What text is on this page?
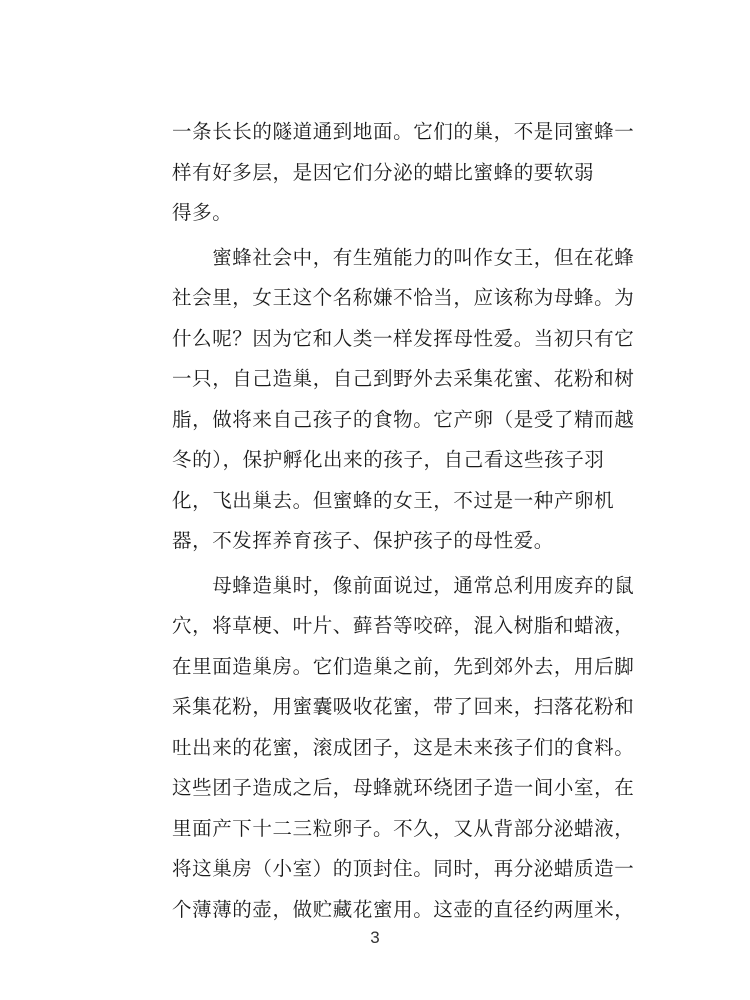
一条长长的隧道通到地面。它们的巢，不是同蜜蜂一
样有好多层，是因它们分泌的蜡比蜜蜂的要软弱
得多。
　　蜜蜂社会中，有生殖能力的叫作女王，但在花蜂
社会里，女王这个名称嫌不恰当，应该称为母蜂。为
什么呢？因为它和人类一样发挥母性爱。当初只有它
一只，自己造巢，自己到野外去采集花蜜、花粉和树
脂，做将来自己孩子的食物。它产卵（是受了精而越
冬的），保护孵化出来的孩子，自己看这些孩子羽
化，飞出巢去。但蜜蜂的女王，不过是一种产卵机
器，不发挥养育孩子、保护孩子的母性爱。
　　母蜂造巢时，像前面说过，通常总利用废弃的鼠
穴，将草梗、叶片、藓苔等咬碎，混入树脂和蜡液，
在里面造巢房。它们造巢之前，先到郊外去，用后脚
采集花粉，用蜜囊吸收花蜜，带了回来，扫落花粉和
吐出来的花蜜，滚成团子，这是未来孩子们的食料。
这些团子造成之后，母蜂就环绕团子造一间小室，在
里面产下十二三粒卵子。不久，又从背部分泌蜡液，
将这巢房（小室）的顶封住。同时，再分泌蜡质造一
个薄薄的壶，做贮藏花蜜用。这壶的直径约两厘米，
3
